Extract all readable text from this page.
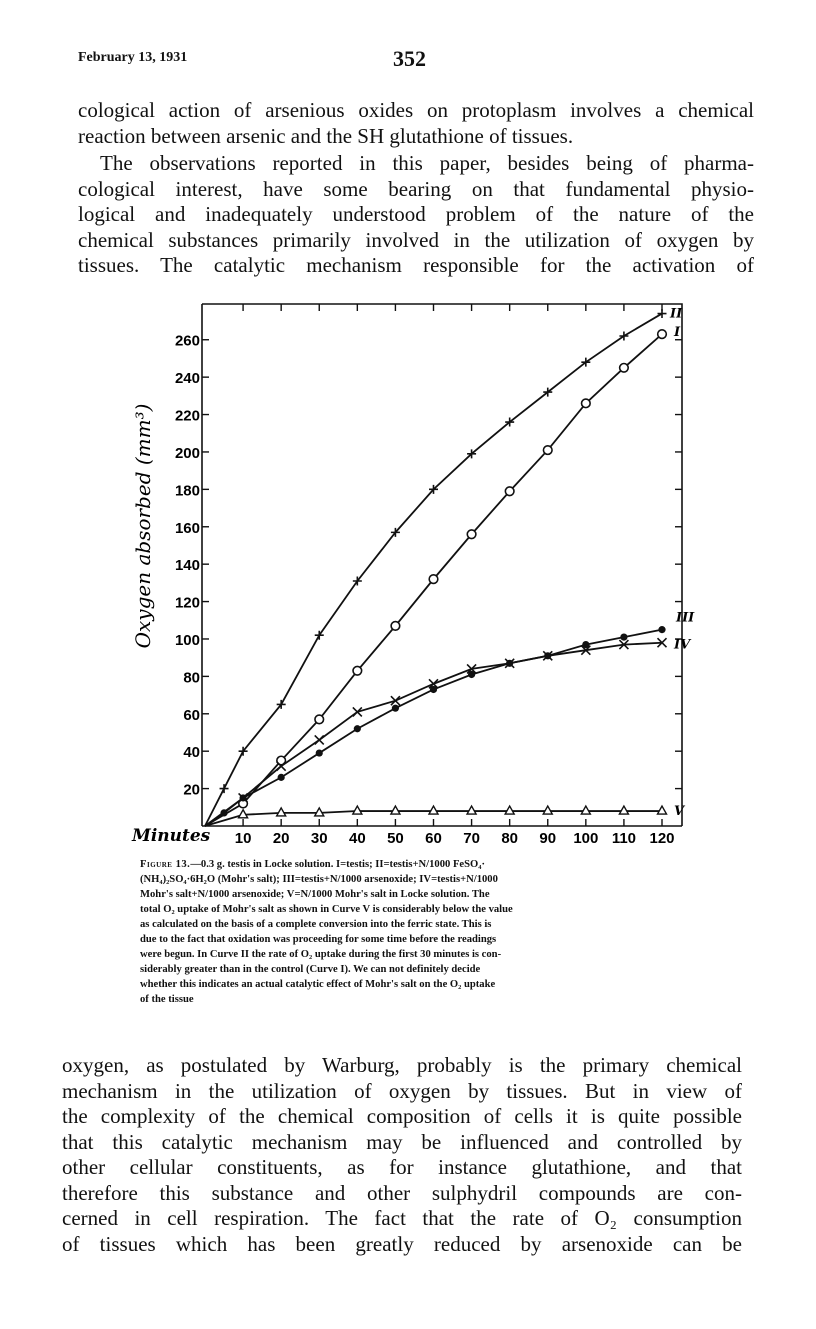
February 13, 1931	352

cological action of arsenious oxides on protoplasm involves a chemical
reaction between arsenic and the SH glutathione of tissues.

The observations reported in this paper, besides being of pharma-
cological interest, have some bearing on that fundamental physio-
logical and inadequately understood problem of the nature of the
chemical substances primarily involved in the utilization of oxygen by
tissues. The catalytic mechanism responsible for the activation of

20
40
60
80
100
120
140
160
180
200
220
240
260
10 20 30 40 50 60 70 80 90 100 110 120
II
I
III
IV
V
Oxygen absorbed (mm³)
Minutes
Figure 13.—0.3 g. testis in Locke solution. I=testis; II=testis+N/1000 FeSO₄·
(NH₄)₂SO₄·6H₂O (Mohr's salt); III=testis+N/1000 arsenoxide; IV=testis+N/1000
Mohr's salt+N/1000 arsenoxide; V=N/1000 Mohr's salt in Locke solution. The
total O₂ uptake of Mohr's salt as shown in Curve V is considerably below the value
as calculated on the basis of a complete conversion into the ferric state. This is
due to the fact that oxidation was proceeding for some time before the readings
were begun. In Curve II the rate of O₂ uptake during the first 30 minutes is con-
siderably greater than in the control (Curve I). We can not definitely decide
whether this indicates an actual catalytic effect of Mohr's salt on the O₂ uptake
of the tissue

oxygen, as postulated by Warburg, probably is the primary chemical
mechanism in the utilization of oxygen by tissues. But in view of
the complexity of the chemical composition of cells it is quite possible
that this catalytic mechanism may be influenced and controlled by
other cellular constituents, as for instance glutathione, and that
therefore this substance and other sulphydril compounds are con-
cerned in cell respiration. The fact that the rate of O₂ consumption
of tissues which has been greatly reduced by arsenoxide can be
